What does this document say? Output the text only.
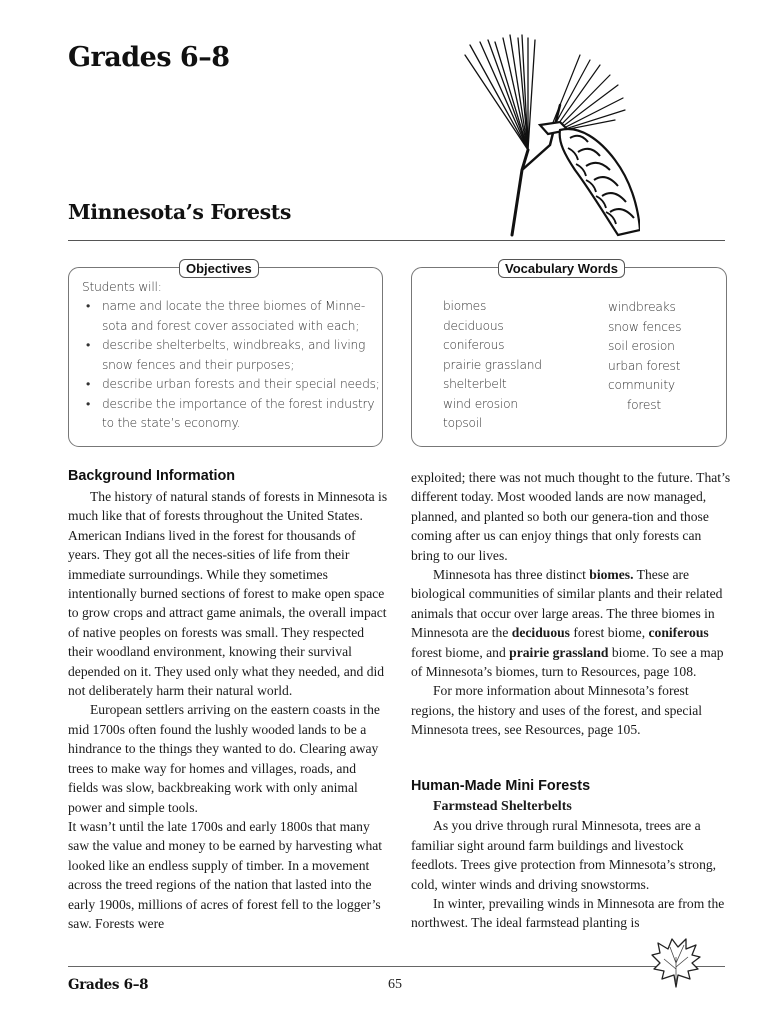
Grades 6–8
Minnesota’s Forests
Objectives
Students will:
• name and locate the three biomes of Minne-
sota and forest cover associated with each;
• describe shelterbelts, windbreaks, and living
snow fences and their purposes;
• describe urban forests and their special needs;
• describe the importance of the forest industry
to the state’s economy.
Vocabulary Words
biomes
deciduous
coniferous
prairie grassland
shelterbelt
wind erosion
topsoil
windbreaks
snow fences
soil erosion
urban forest
community
forest
Background Information

The history of natural stands of forests in Minnesota is much like that of forests throughout the United States. American Indians lived in the forest for thousands of years. They got all the neces-sities of life from their immediate surroundings. While they sometimes intentionally burned sections of forest to make open space to grow crops and attract game animals, the overall impact of native peoples on forests was small. They respected their woodland environment, knowing their survival depended on it. They used only what they needed, and did not deliberately harm their natural world.

European settlers arriving on the eastern coasts in the mid 1700s often found the lushly wooded lands to be a hindrance to the things they wanted to do. Clearing away trees to make way for homes and villages, roads, and fields was slow, backbreaking work with only animal power and simple tools.

It wasn’t until the late 1700s and early 1800s that many saw the value and money to be earned by harvesting what looked like an endless supply of timber. In a movement across the treed regions of the nation that lasted into the early 1900s, millions of acres of forest fell to the logger’s saw. Forests were

exploited; there was not much thought to the future. That’s different today. Most wooded lands are now managed, planned, and planted so both our genera-tion and those coming after us can enjoy things that only forests can bring to our lives.

Minnesota has three distinct biomes. These are biological communities of similar plants and their related animals that occur over large areas. The three biomes in Minnesota are the deciduous forest biome, coniferous forest biome, and prairie grassland biome. To see a map of Minnesota’s biomes, turn to Resources, page 108.

For more information about Minnesota’s forest regions, the history and uses of the forest, and special Minnesota trees, see Resources, page 105.

Human-Made Mini Forests

Farmstead Shelterbelts

As you drive through rural Minnesota, trees are a familiar sight around farm buildings and livestock feedlots. Trees give protection from Minnesota’s strong, cold, winter winds and driving snowstorms.

In winter, prevailing winds in Minnesota are from the northwest. The ideal farmstead planting is

Grades 6–8	65
